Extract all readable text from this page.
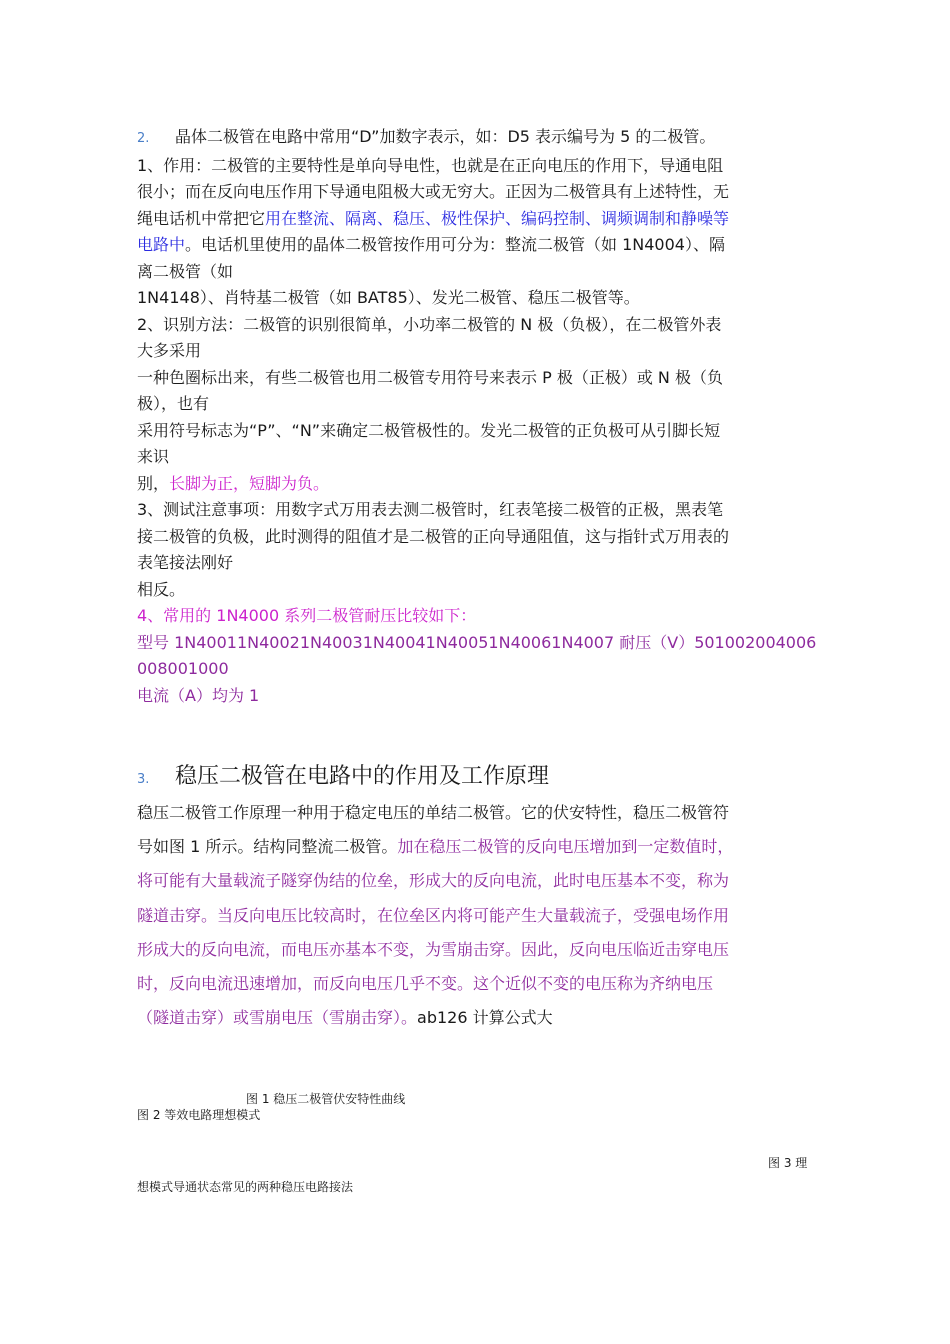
2. 晶体二极管在电路中常用“D”加数字表示，如：D5 表示编号为 5 的二极管。
1、作用：二极管的主要特性是单向导电性，也就是在正向电压的作用下，导通电阻
很小；而在反向电压作用下导通电阻极大或无穷大。正因为二极管具有上述特性，无
绳电话机中常把它用在整流、隔离、稳压、极性保护、编码控制、调频调制和静噪等
电路中。电话机里使用的晶体二极管按作用可分为：整流二极管（如 1N4004）、隔
离二极管（如
1N4148）、肖特基二极管（如 BAT85）、发光二极管、稳压二极管等。
2、识别方法：二极管的识别很简单，小功率二极管的 N 极（负极），在二极管外表
大多采用
一种色圈标出来，有些二极管也用二极管专用符号来表示 P 极（正极）或 N 极（负
极），也有
采用符号标志为“P”、“N”来确定二极管极性的。发光二极管的正负极可从引脚长短
来识
别，长脚为正，短脚为负。
3、测试注意事项：用数字式万用表去测二极管时，红表笔接二极管的正极，黑表笔
接二极管的负极，此时测得的阻值才是二极管的正向导通阻值，这与指针式万用表的
表笔接法刚好
相反。
4、常用的 1N4000 系列二极管耐压比较如下：
型号 1N40011N40021N40031N40041N40051N40061N4007 耐压（V）501002004006
008001000
电流（A）均为 1
3. 稳压二极管在电路中的作用及工作原理
稳压二极管工作原理一种用于稳定电压的单结二极管。它的伏安特性，稳压二极管符
号如图 1 所示。结构同整流二极管。加在稳压二极管的反向电压增加到一定数值时，
将可能有大量载流子隧穿伪结的位垒，形成大的反向电流，此时电压基本不变，称为
隧道击穿。当反向电压比较高时，在位垒区内将可能产生大量载流子，受强电场作用
形成大的反向电流，而电压亦基本不变，为雪崩击穿。因此，反向电压临近击穿电压
时，反向电流迅速增加，而反向电压几乎不变。这个近似不变的电压称为齐纳电压
（隧道击穿）或雪崩电压（雪崩击穿）。ab126 计算公式大
图 1 稳压二极管伏安特性曲线
图 2 等效电路理想模式
图 3 理
想模式导通状态常见的两种稳压电路接法
